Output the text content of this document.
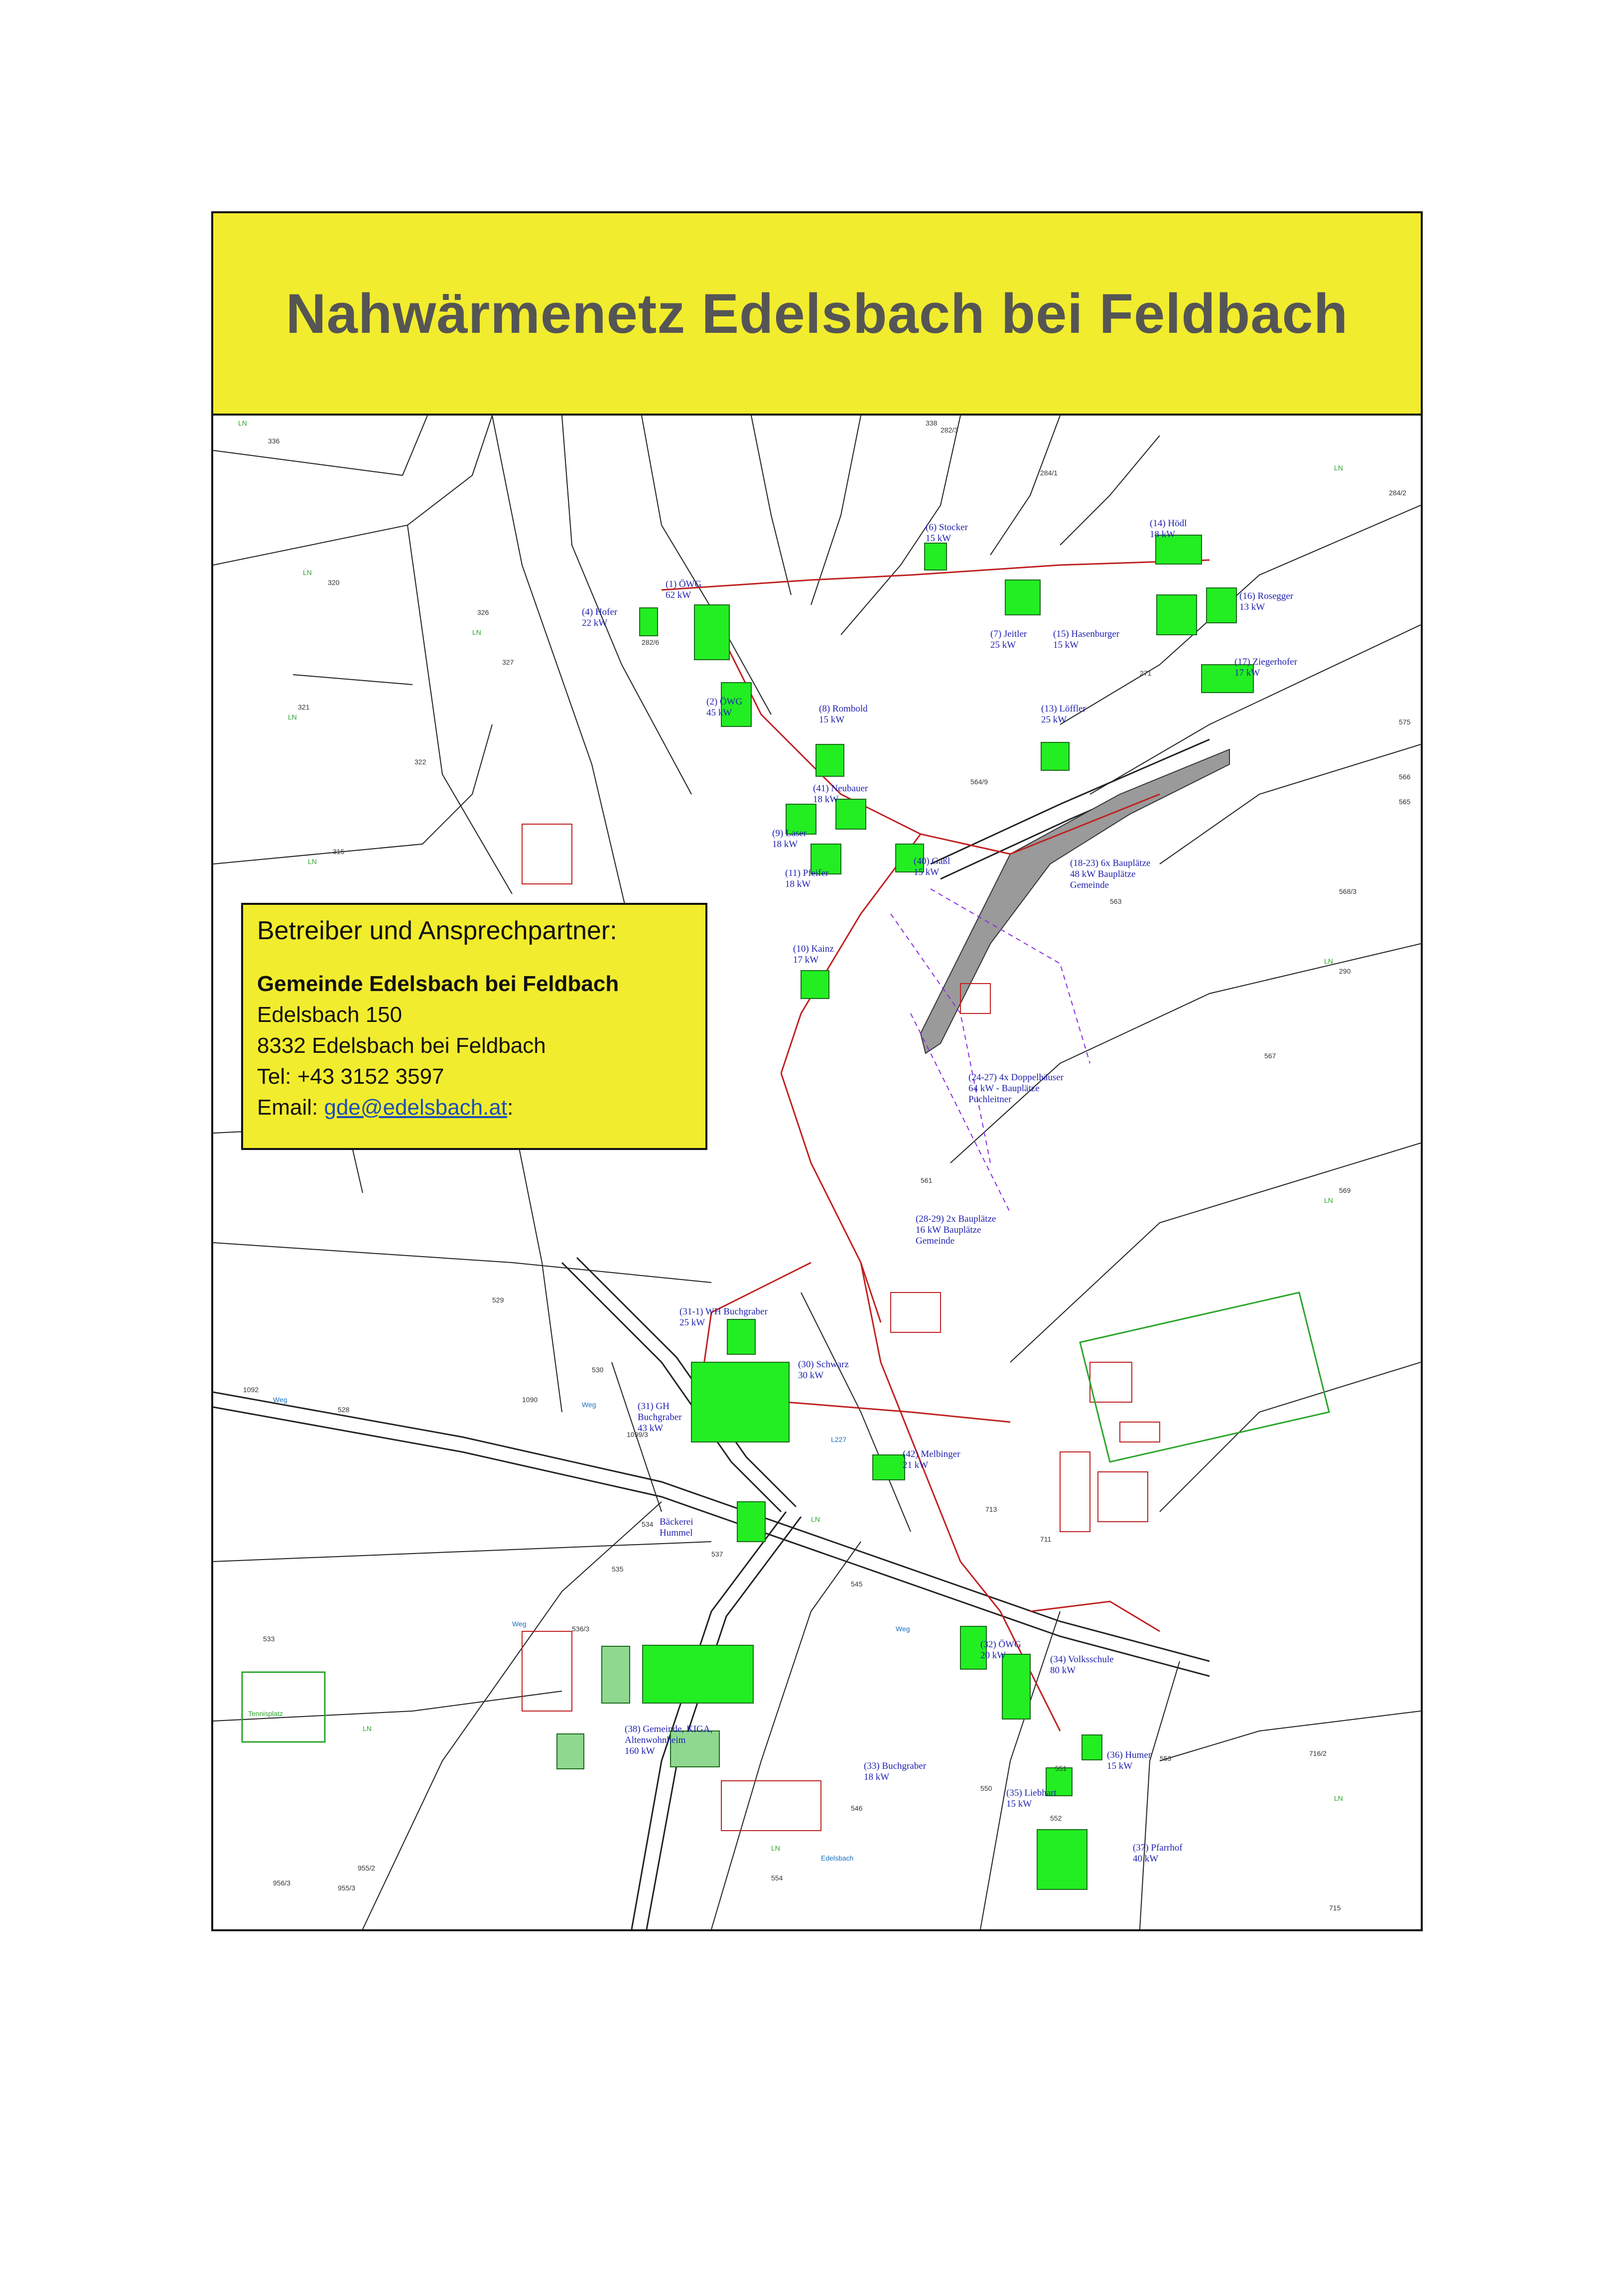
Nahwärmenetz Edelsbach bei Feldbach
Tennisplatz
(4) Hofer 22 kW
(1) ÖWG 62 kW
(6) Stocker 15 kW
(14) Hödl 18 kW
(16) Rosegger 13 kW
(7) Jeitler 25 kW
(15) Hasenburger 15 kW
(17) Ziegerhofer 17 kW
(2) ÖWG 45 kW	(8) Rombold 15 kW
(13) Löffler 25 kW
(41) Neubauer 18 kW
(9) Laser 18 kW
(11) Pfeifer 18 kW
(40) Gaßl 15 kW
(18-23) 6x Bauplätze 48 kW Bauplätze Gemeinde
(10) Kainz 17 kW
(24-27) 4x Doppelhäuser 64 kW - Bauplätze Puchleitner
(28-29) 2x Bauplätze 16 kW Bauplätze Gemeinde
(31-1) WH Buchgraber 25 kW
(30) Schwarz 30 kW
(31) GH Buchgraber 43 kW
(42) Melbinger 21 kW
Bäckerei Hummel
(32) ÖWG 20 kW	(34) Volksschule 80 kW
(38) Gemeinde, KIGA, Altenwohnheim 160 kW
(33) Buchgraber 18 kW
(36) Humer 15 kW
(35) Liebhart 15 kW
(37) Pfarrhof 40 kW
336
320
327
326
321
322
315
338
282/6
282/3
284/1
284/2
271
290
566
565
569
567
568/3
575
563
564/9
561
530
529
528
533
534
535
537
545
546
550
551
552
553
554
713
711
715
716/2
955/2
955/3
956/3
1090
1092
536/3
1099/3
LN
LN
LN
LN
LN
LN
LN
LN
LN
LN
LN
LN
Weg
Weg
L227
Weg
Weg
Edelsbach
Betreiber und Ansprechpartner:
Gemeinde Edelsbach bei Feldbach
Edelsbach 150
8332 Edelsbach bei Feldbach
Tel: +43 3152 3597
Email: gde@edelsbach.at:
